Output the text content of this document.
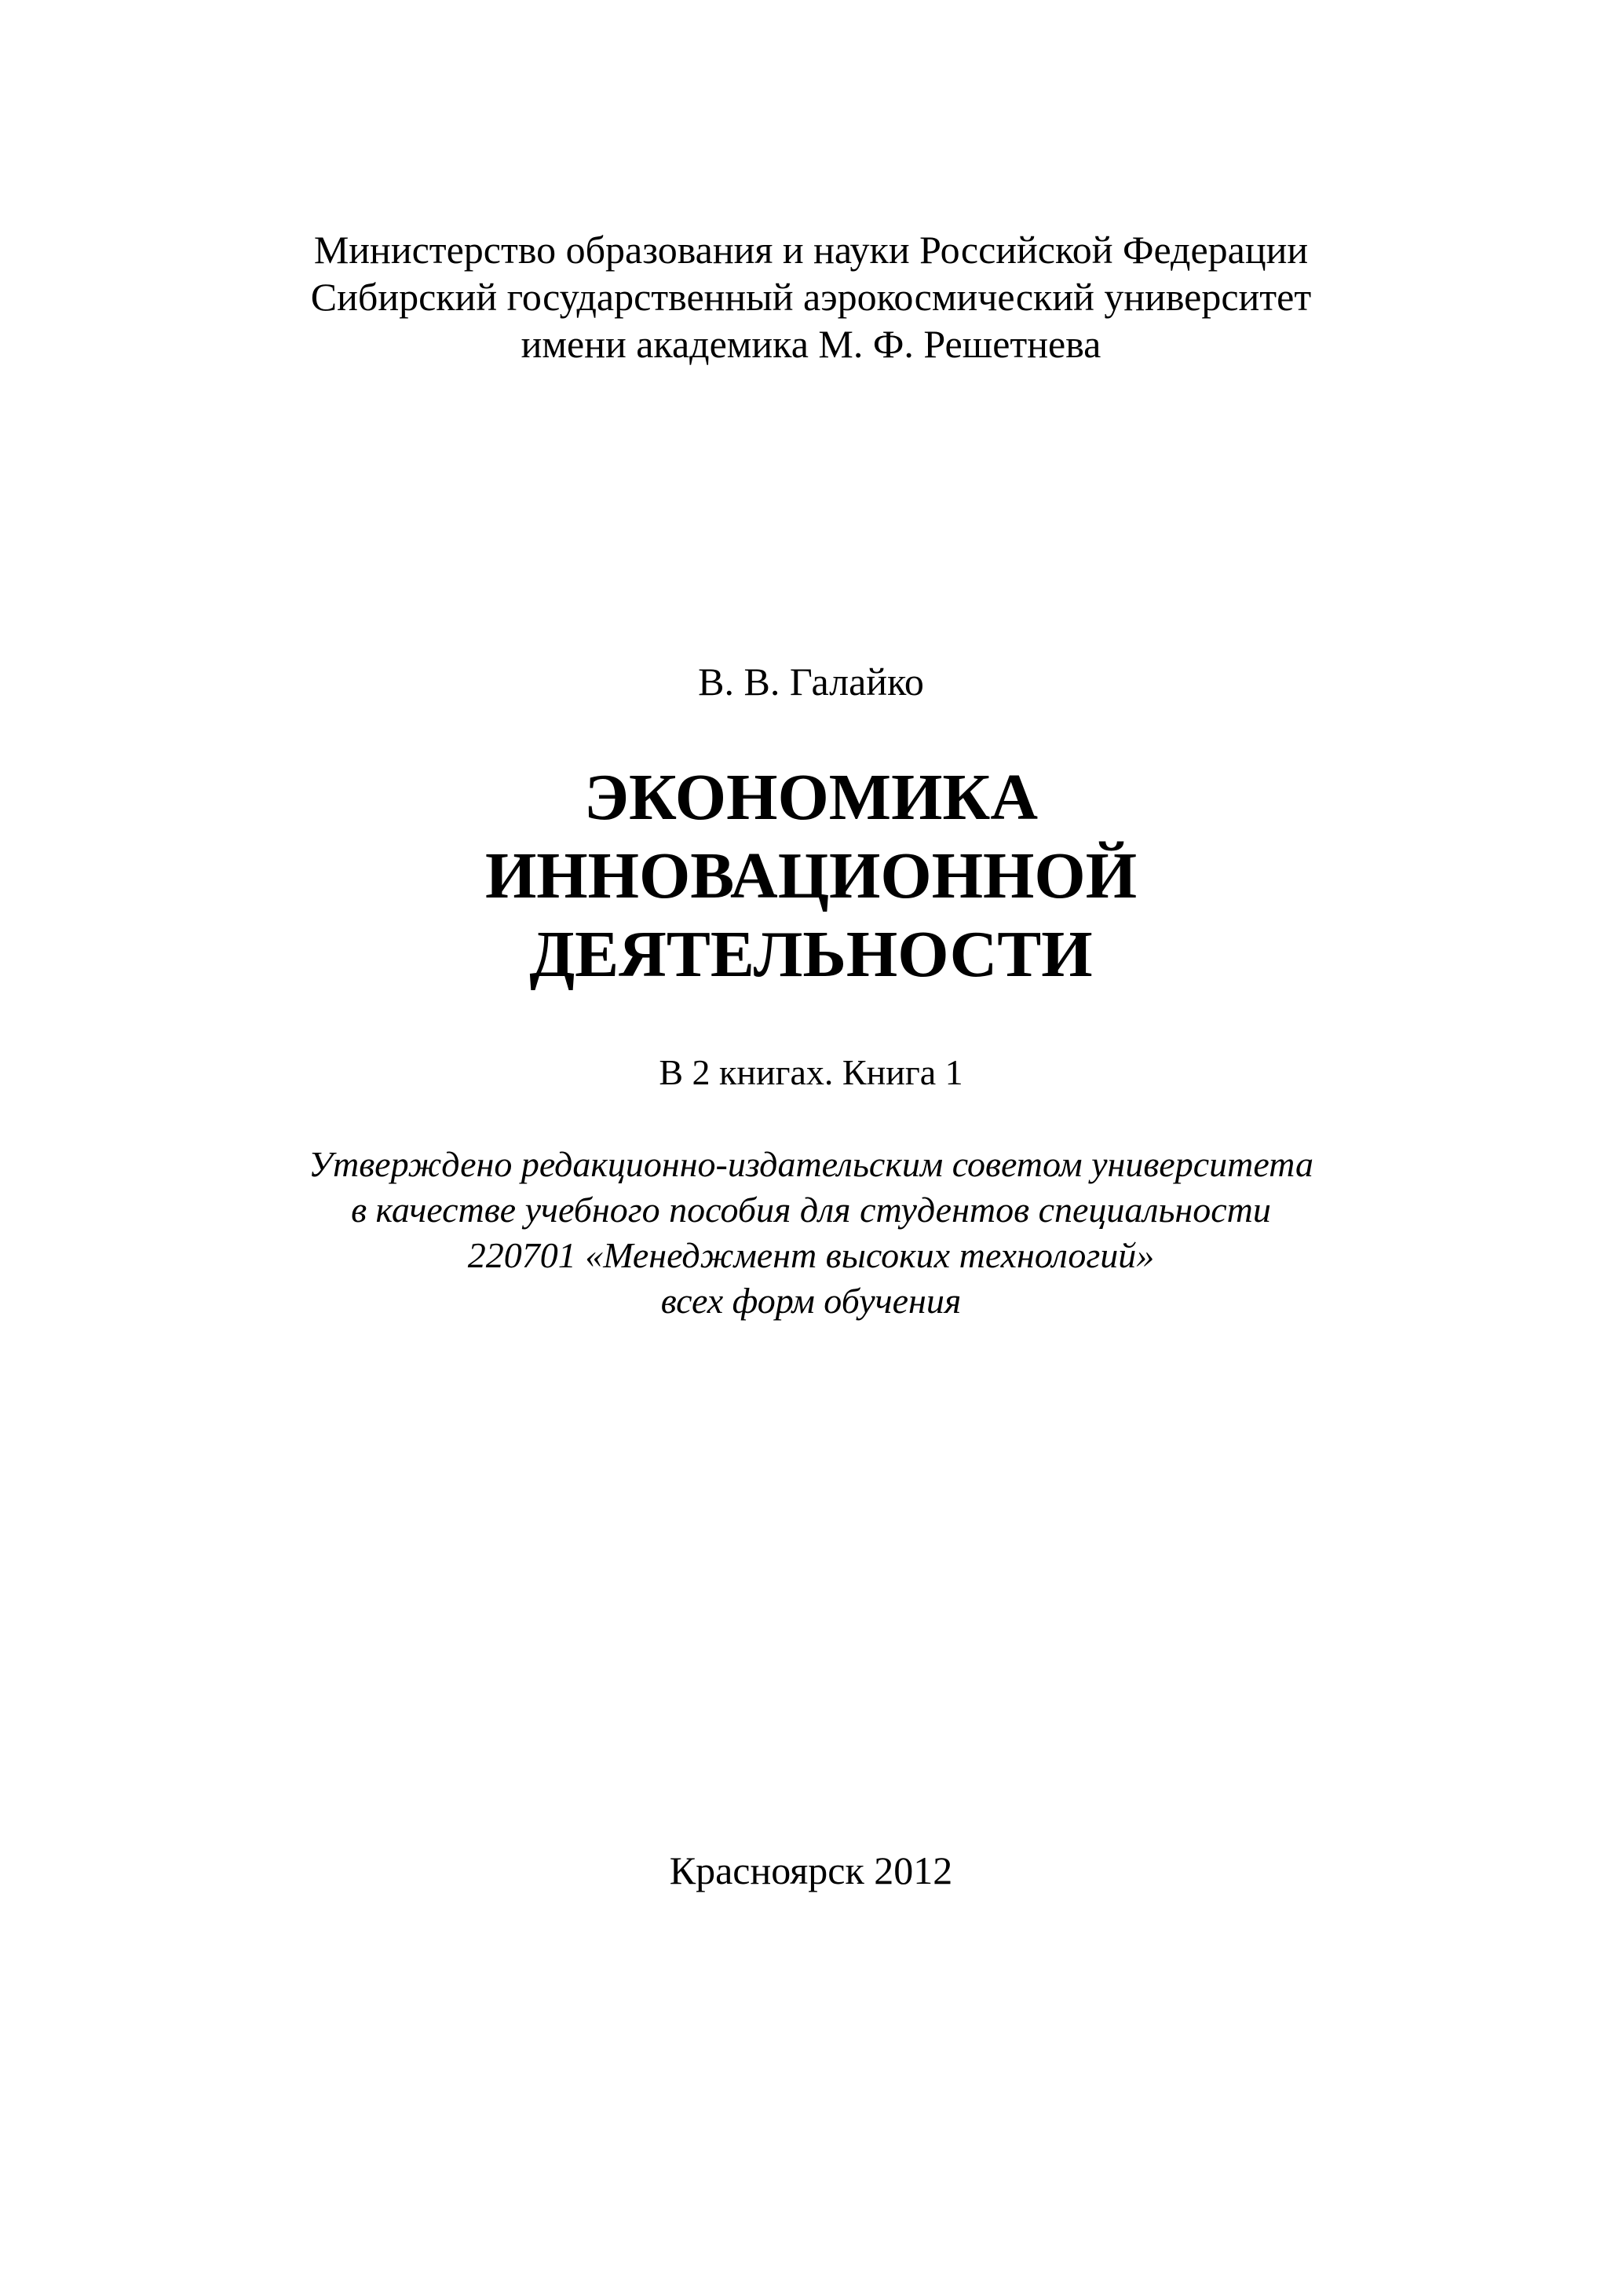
Министерство образования и науки Российской Федерации
Сибирский государственный аэрокосмический университет
имени академика М. Ф. Решетнева
В. В. Галайко
ЭКОНОМИКА
ИННОВАЦИОННОЙ
ДЕЯТЕЛЬНОСТИ
В 2 книгах. Книга 1
Утверждено редакционно-издательским советом университета
в качестве учебного пособия для студентов специальности
220701 «Менеджмент высоких технологий»
всех форм обучения
Красноярск 2012
